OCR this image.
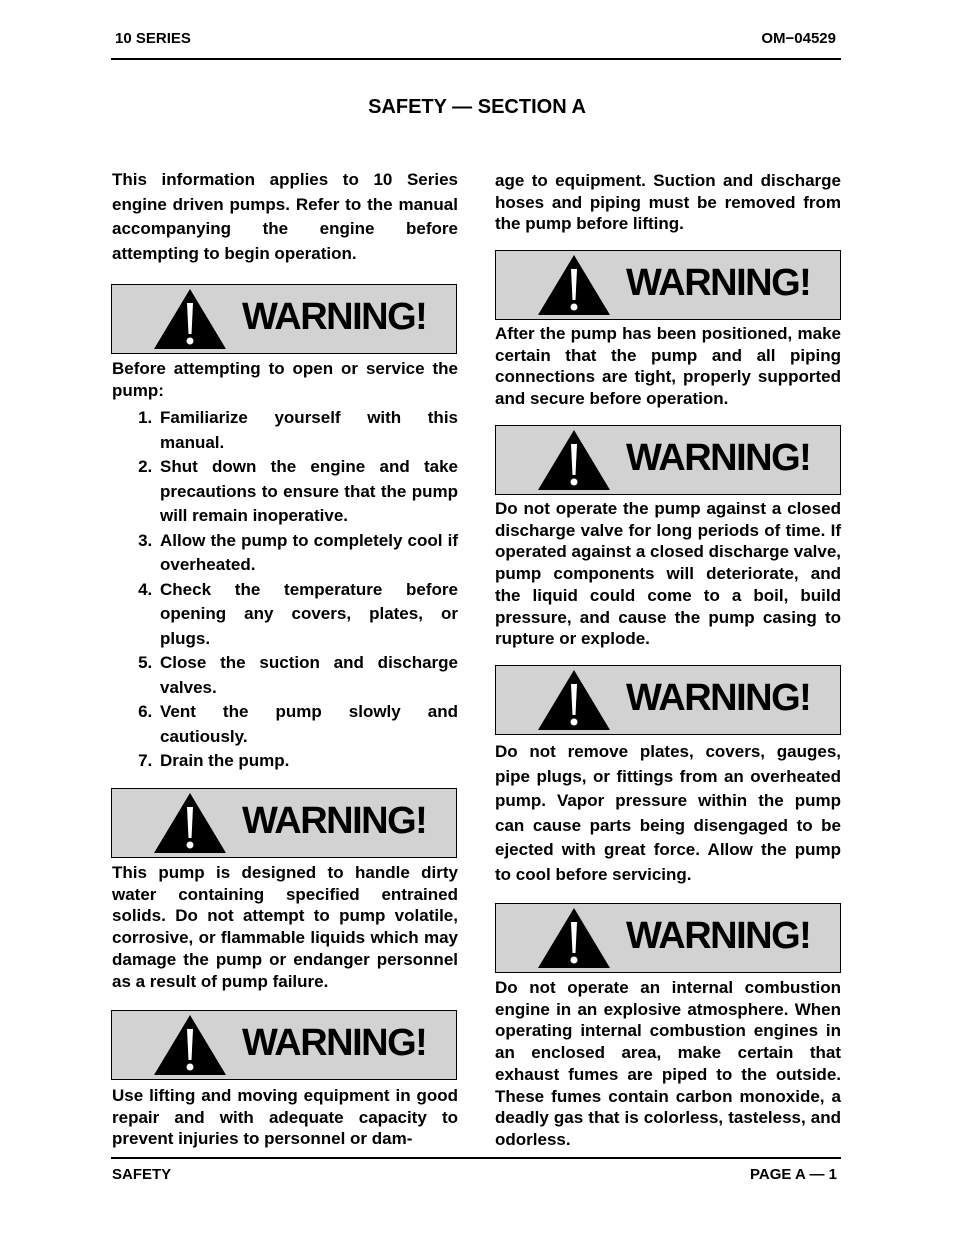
10 SERIES	OM−04529
SAFETY — SECTION A

This information applies to 10 Series engine driven pumps. Refer to the manual accompanying the engine before attempting to begin operation.

WARNING!

Before attempting to open or service the pump:

1. Familiarize yourself with this manual.
2. Shut down the engine and take precautions to ensure that the pump will remain inoperative.
3. Allow the pump to completely cool if overheated.
4. Check the temperature before opening any covers, plates, or plugs.
5. Close the suction and discharge valves.
6. Vent the pump slowly and cautiously.
7. Drain the pump.
WARNING!

This pump is designed to handle dirty water containing specified entrained solids. Do not attempt to pump volatile, corrosive, or flammable liquids which may damage the pump or endanger personnel as a result of pump failure.

WARNING!

Use lifting and moving equipment in good repair and with adequate capacity to prevent injuries to personnel or dam-

age to equipment. Suction and discharge hoses and piping must be removed from the pump before lifting.

WARNING!

After the pump has been positioned, make certain that the pump and all piping connections are tight, properly supported and secure before operation.

WARNING!

Do not operate the pump against a closed discharge valve for long periods of time. If operated against a closed discharge valve, pump components will deteriorate, and the liquid could come to a boil, build pressure, and cause the pump casing to rupture or explode.

WARNING!

Do not remove plates, covers, gauges, pipe plugs, or fittings from an overheated pump. Vapor pressure within the pump can cause parts being disengaged to be ejected with great force. Allow the pump to cool before servicing.

WARNING!

Do not operate an internal combustion engine in an explosive atmosphere. When operating internal combustion engines in an enclosed area, make certain that exhaust fumes are piped to the outside. These fumes contain carbon monoxide, a deadly gas that is colorless, tasteless, and odorless.

SAFETY	PAGE A — 1
